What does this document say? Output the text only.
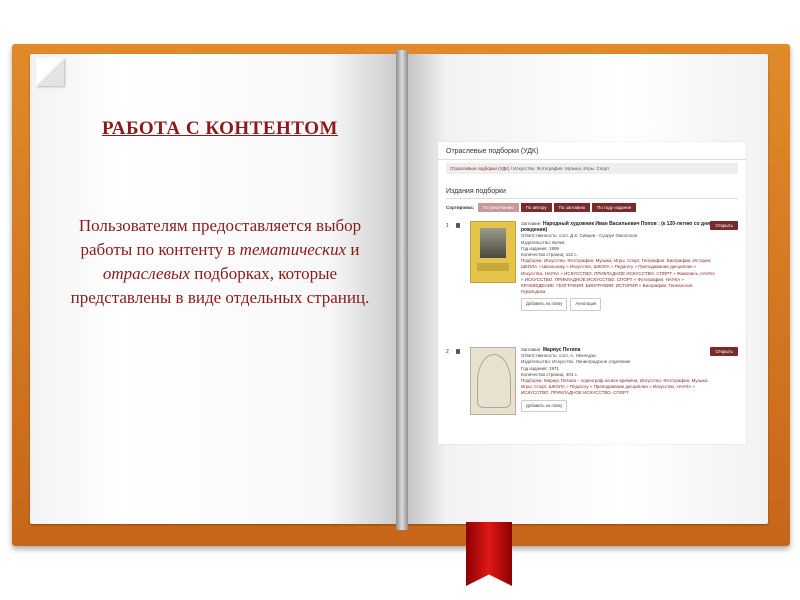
РАБОТА С КОНТЕНТОМ
Пользователям предоставляется выбор работы по контенту в тематических и отраслевых подборках, которые представлены в виде отдельных страниц.
Отраслевые подборки (УДК)
Отраслевые подборки (УДК) / Искусство. Фотография. Музыка. Игры. Спорт
Издания подборки
Сортировка:	По умолчанию	По автору	По заглавию	По году издания
1	Заглавие: Народный художник Иван Васильевич Попов : (к 120-летию со дня рождения)
Ответственность: сост. Д.К. Сивцев - Суорун Омоллоон
Издательство: Бичик
Год издания: 1999
Количество страниц: 112 с.
Подборки: Искусство. Фотография. Музыка. Игры. Спорт, География. Биографии. История, ШКОЛА » Школьнику » Искусство, ШКОЛА » Педагогу » Преподавание дисциплин » Искусство, НАУКА » ИСКУССТВО. ПРИКЛАДНОЕ ИСКУССТВО. СПОРТ » Живопись, НАУКА » ИСКУССТВО. ПРИКЛАДНОЕ ИСКУССТВО. СПОРТ » Фотография, НАУКА » КРАЕВЕДЕНИЕ. ГЕОГРАФИЯ. БИОГРАФИИ. ИСТОРИЯ » Биографии. Генеалогия. Геральдика
Добавить на полку	Аннотация
Открыть
2	Заглавие: Мариус Петипа
Ответственность: сост. А. Некендзи
Издательство: Искусство. Ленинградское отделение
Год издания: 1971
Количество страниц: 404 с.
Подборки: Мариус Петипа – хореограф на все времена, Искусство. Фотография. Музыка. Игры. Спорт, ШКОЛА » Педагогу » Преподавание дисциплин » Искусство, НАУКА » ИСКУССТВО. ПРИКЛАДНОЕ ИСКУССТВО. СПОРТ
Добавить на полку
Открыть
